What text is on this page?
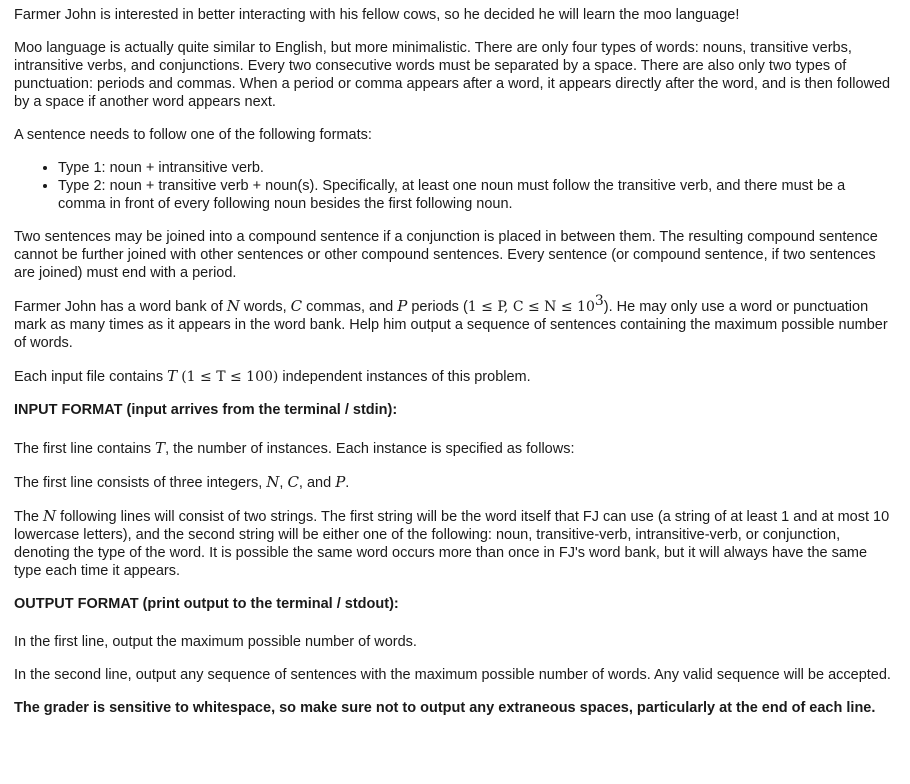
Farmer John is interested in better interacting with his fellow cows, so he decided he will learn the moo language!

Moo language is actually quite similar to English, but more minimalistic. There are only four types of words: nouns, transitive verbs, intransitive verbs, and conjunctions. Every two consecutive words must be separated by a space. There are also only two types of punctuation: periods and commas. When a period or comma appears after a word, it appears directly after the word, and is then followed by a space if another word appears next.

A sentence needs to follow one of the following formats:

• Type 1: noun + intransitive verb.
• Type 2: noun + transitive verb + noun(s). Specifically, at least one noun must follow the transitive verb, and there must be a comma in front of every following noun besides the first following noun.

Two sentences may be joined into a compound sentence if a conjunction is placed in between them. The resulting compound sentence cannot be further joined with other sentences or other compound sentences. Every sentence (or compound sentence, if two sentences are joined) must end with a period.

Farmer John has a word bank of N words, C commas, and P periods (1 ≤ P, $C \le N \le 10^3$). He may only use a word or punctuation mark as many times as it appears in the word bank. Help him output a sequence of sentences containing the maximum possible number of words.

Each input file contains T (1 ≤ T ≤ 100) independent instances of this problem.

INPUT FORMAT (input arrives from the terminal / stdin):

The first line contains T, the number of instances. Each instance is specified as follows:

The first line consists of three integers, N, C, and P.

The N following lines will consist of two strings. The first string will be the word itself that FJ can use (a string of at least 1 and at most 10 lowercase letters), and the second string will be either one of the following: noun, transitive-verb, intransitive-verb, or conjunction, denoting the type of the word. It is possible the same word occurs more than once in FJ's word bank, but it will always have the same type each time it appears.

OUTPUT FORMAT (print output to the terminal / stdout):

In the first line, output the maximum possible number of words.

In the second line, output any sequence of sentences with the maximum possible number of words. Any valid sequence will be accepted.

The grader is sensitive to whitespace, so make sure not to output any extraneous spaces, particularly at the end of each line.
